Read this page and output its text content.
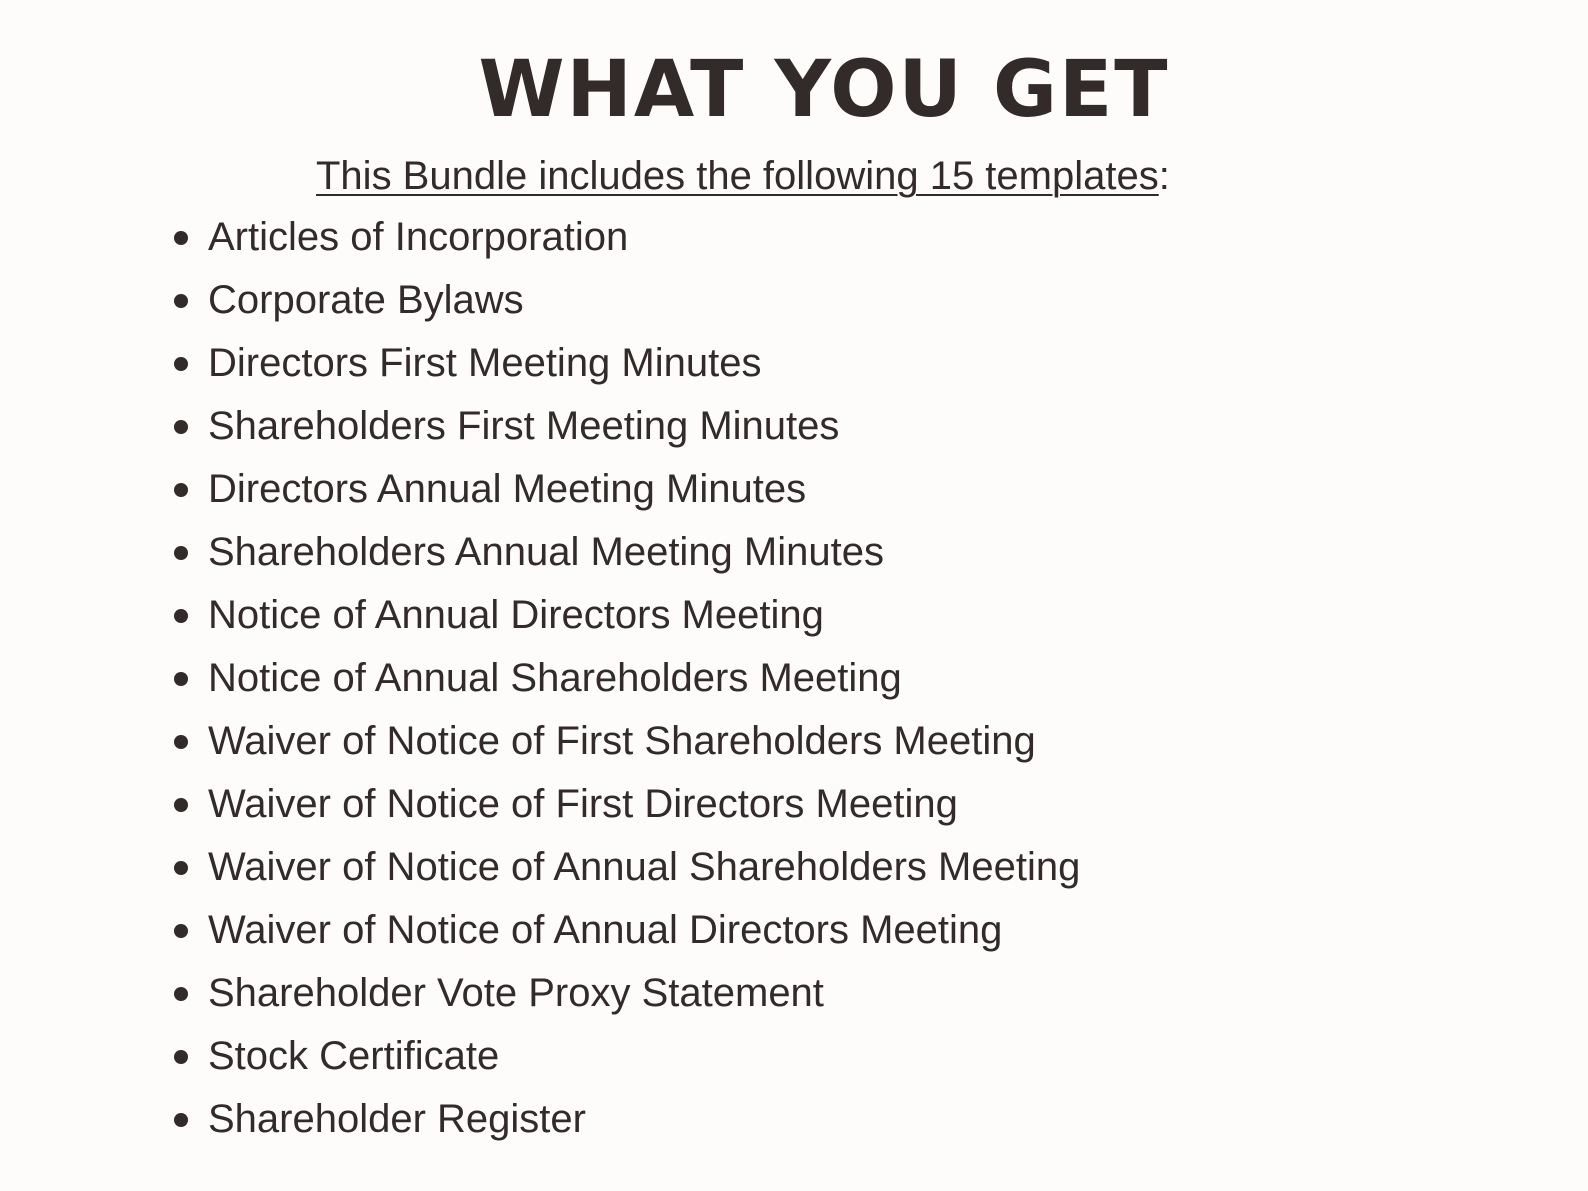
WHAT YOU GET

This Bundle includes the following 15 templates:

Articles of Incorporation
Corporate Bylaws
Directors First Meeting Minutes
Shareholders First Meeting Minutes
Directors Annual Meeting Minutes
Shareholders Annual Meeting Minutes
Notice of Annual Directors Meeting
Notice of Annual Shareholders Meeting
Waiver of Notice of First Shareholders Meeting
Waiver of Notice of First Directors Meeting
Waiver of Notice of Annual Shareholders Meeting
Waiver of Notice of Annual Directors Meeting
Shareholder Vote Proxy Statement
Stock Certificate
Shareholder Register
